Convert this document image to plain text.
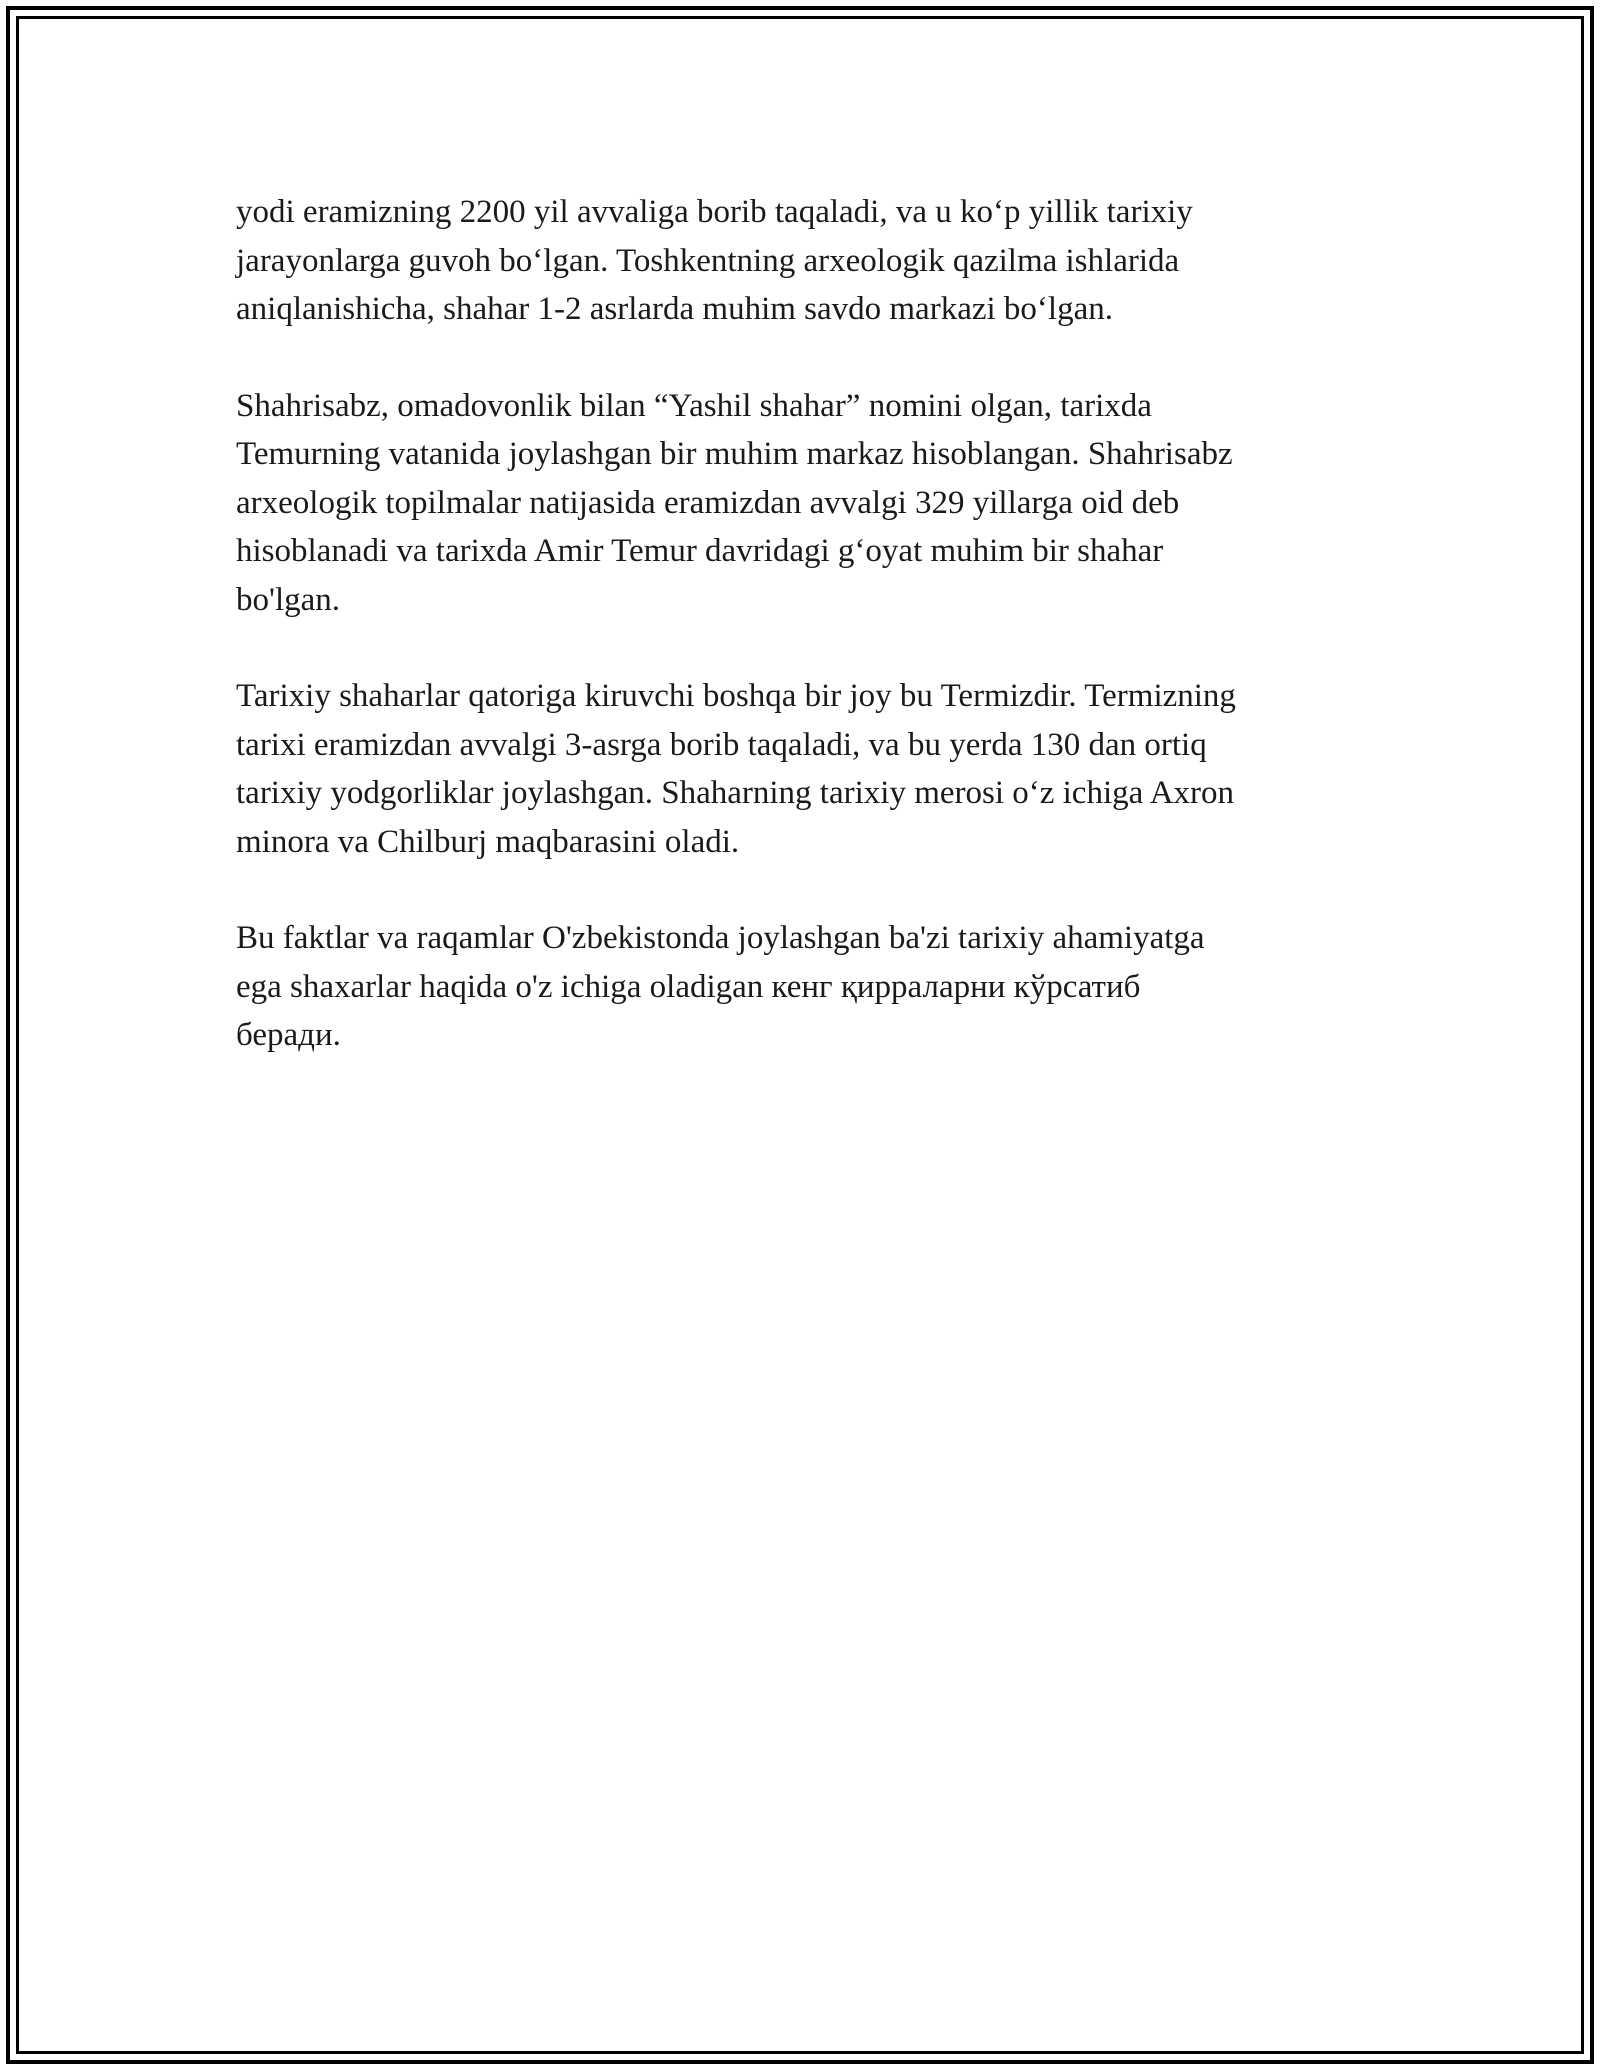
yodi eramizning 2200 yil avvaliga borib taqaladi, va u ko‘p yillik tarixiy
jarayonlarga guvoh bo‘lgan. Toshkentning arxeologik qazilma ishlarida
aniqlanishicha, shahar 1-2 asrlarda muhim savdo markazi bo‘lgan.

Shahrisabz, omadovonlik bilan “Yashil shahar” nomini olgan, tarixda
Temurning vatanida joylashgan bir muhim markaz hisoblangan. Shahrisabz
arxeologik topilmalar natijasida eramizdan avvalgi 329 yillarga oid deb
hisoblanadi va tarixda Amir Temur davridagi g‘oyat muhim bir shahar
bo'lgan.

Tarixiy shaharlar qatoriga kiruvchi boshqa bir joy bu Termizdir. Termizning
tarixi eramizdan avvalgi 3-asrga borib taqaladi, va bu yerda 130 dan ortiq
tarixiy yodgorliklar joylashgan. Shaharning tarixiy merosi o‘z ichiga Axron
minora va Chilburj maqbarasini oladi.

Bu faktlar va raqamlar O'zbekistonda joylashgan ba'zi tarixiy ahamiyatga
ega shaxarlar haqida o'z ichiga oladigan кенг қирраларни кўрсатиб
беради.
